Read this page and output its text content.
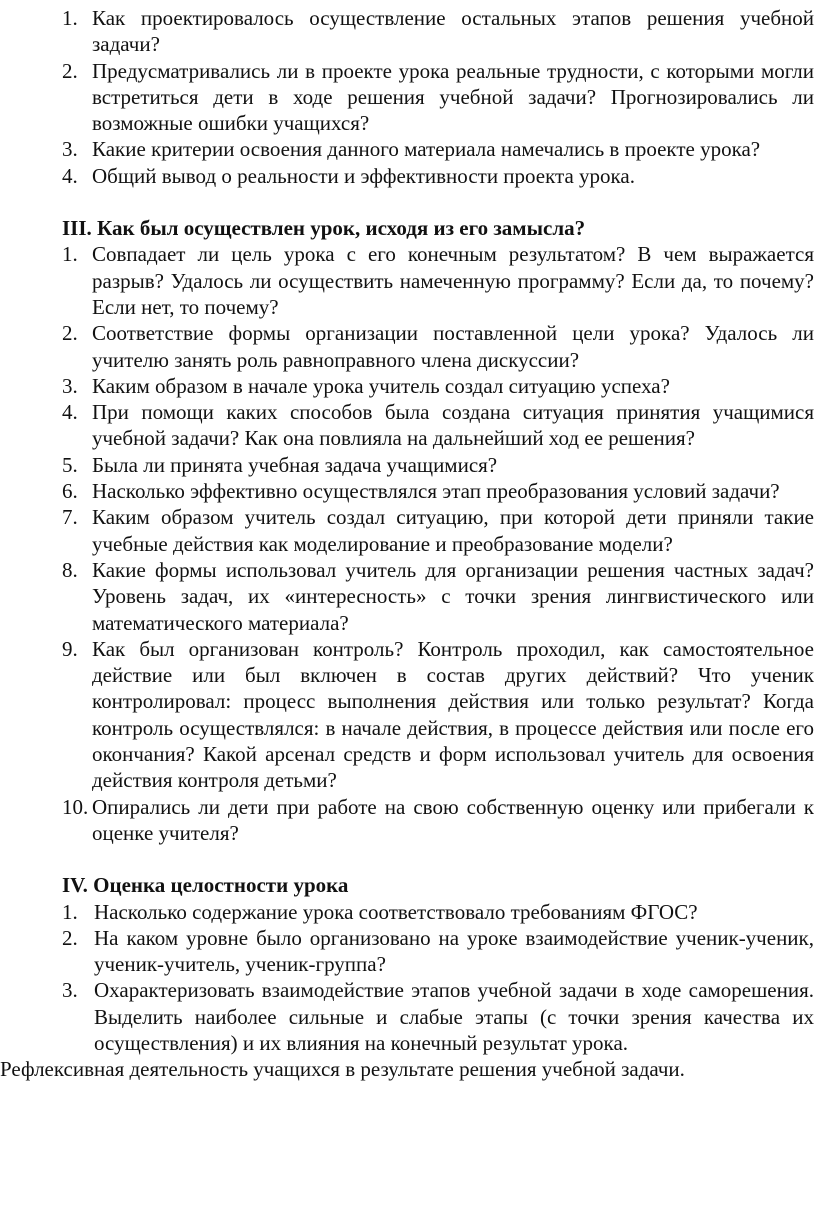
1. Как проектировалось осуществление остальных этапов решения учебной задачи?
2. Предусматривались ли в проекте урока реальные трудности, с которыми могли встретиться дети в ходе решения учебной задачи? Прогнозировались ли возможные ошибки учащихся?
3. Какие критерии освоения данного материала намечались в проекте урока?
4. Общий вывод о реальности и эффективности проекта урока.
III. Как был осуществлен урок, исходя из его замысла?
1. Совпадает ли цель урока с его конечным результатом? В чем выражается разрыв? Удалось ли осуществить намеченную программу? Если да, то почему? Если нет, то почему?
2. Соответствие формы организации поставленной цели урока? Удалось ли учителю занять роль равноправного члена дискуссии?
3. Каким образом в начале урока учитель создал ситуацию успеха?
4. При помощи каких способов была создана ситуация принятия учащимися учебной задачи? Как она повлияла на дальнейший ход ее решения?
5. Была ли принята учебная задача учащимися?
6. Насколько эффективно осуществлялся этап преобразования условий задачи?
7. Каким образом учитель создал ситуацию, при которой дети приняли такие учебные действия как моделирование и преобразование модели?
8. Какие формы использовал учитель для организации решения частных задач? Уровень задач, их «интересность» с точки зрения лингвистического или математического материала?
9. Как был организован контроль? Контроль проходил, как самостоятельное действие или был включен в состав других действий? Что ученик контролировал: процесс выполнения действия или только результат? Когда контроль осуществлялся: в начале действия, в процессе действия или после его окончания? Какой арсенал средств и форм использовал учитель для освоения действия контроля детьми?
10. Опирались ли дети при работе на свою собственную оценку или прибегали к оценке учителя?
IV. Оценка целостности урока
1. Насколько содержание урока соответствовало требованиям ФГОС?
2. На каком уровне было организовано на уроке взаимодействие ученик-ученик, ученик-учитель, ученик-группа?
3. Охарактеризовать взаимодействие этапов учебной задачи в ходе саморешения. Выделить наиболее сильные и слабые этапы (с точки зрения качества их осуществления) и их влияния на конечный результат урока.
Рефлексивная деятельность учащихся в результате решения учебной задачи.
